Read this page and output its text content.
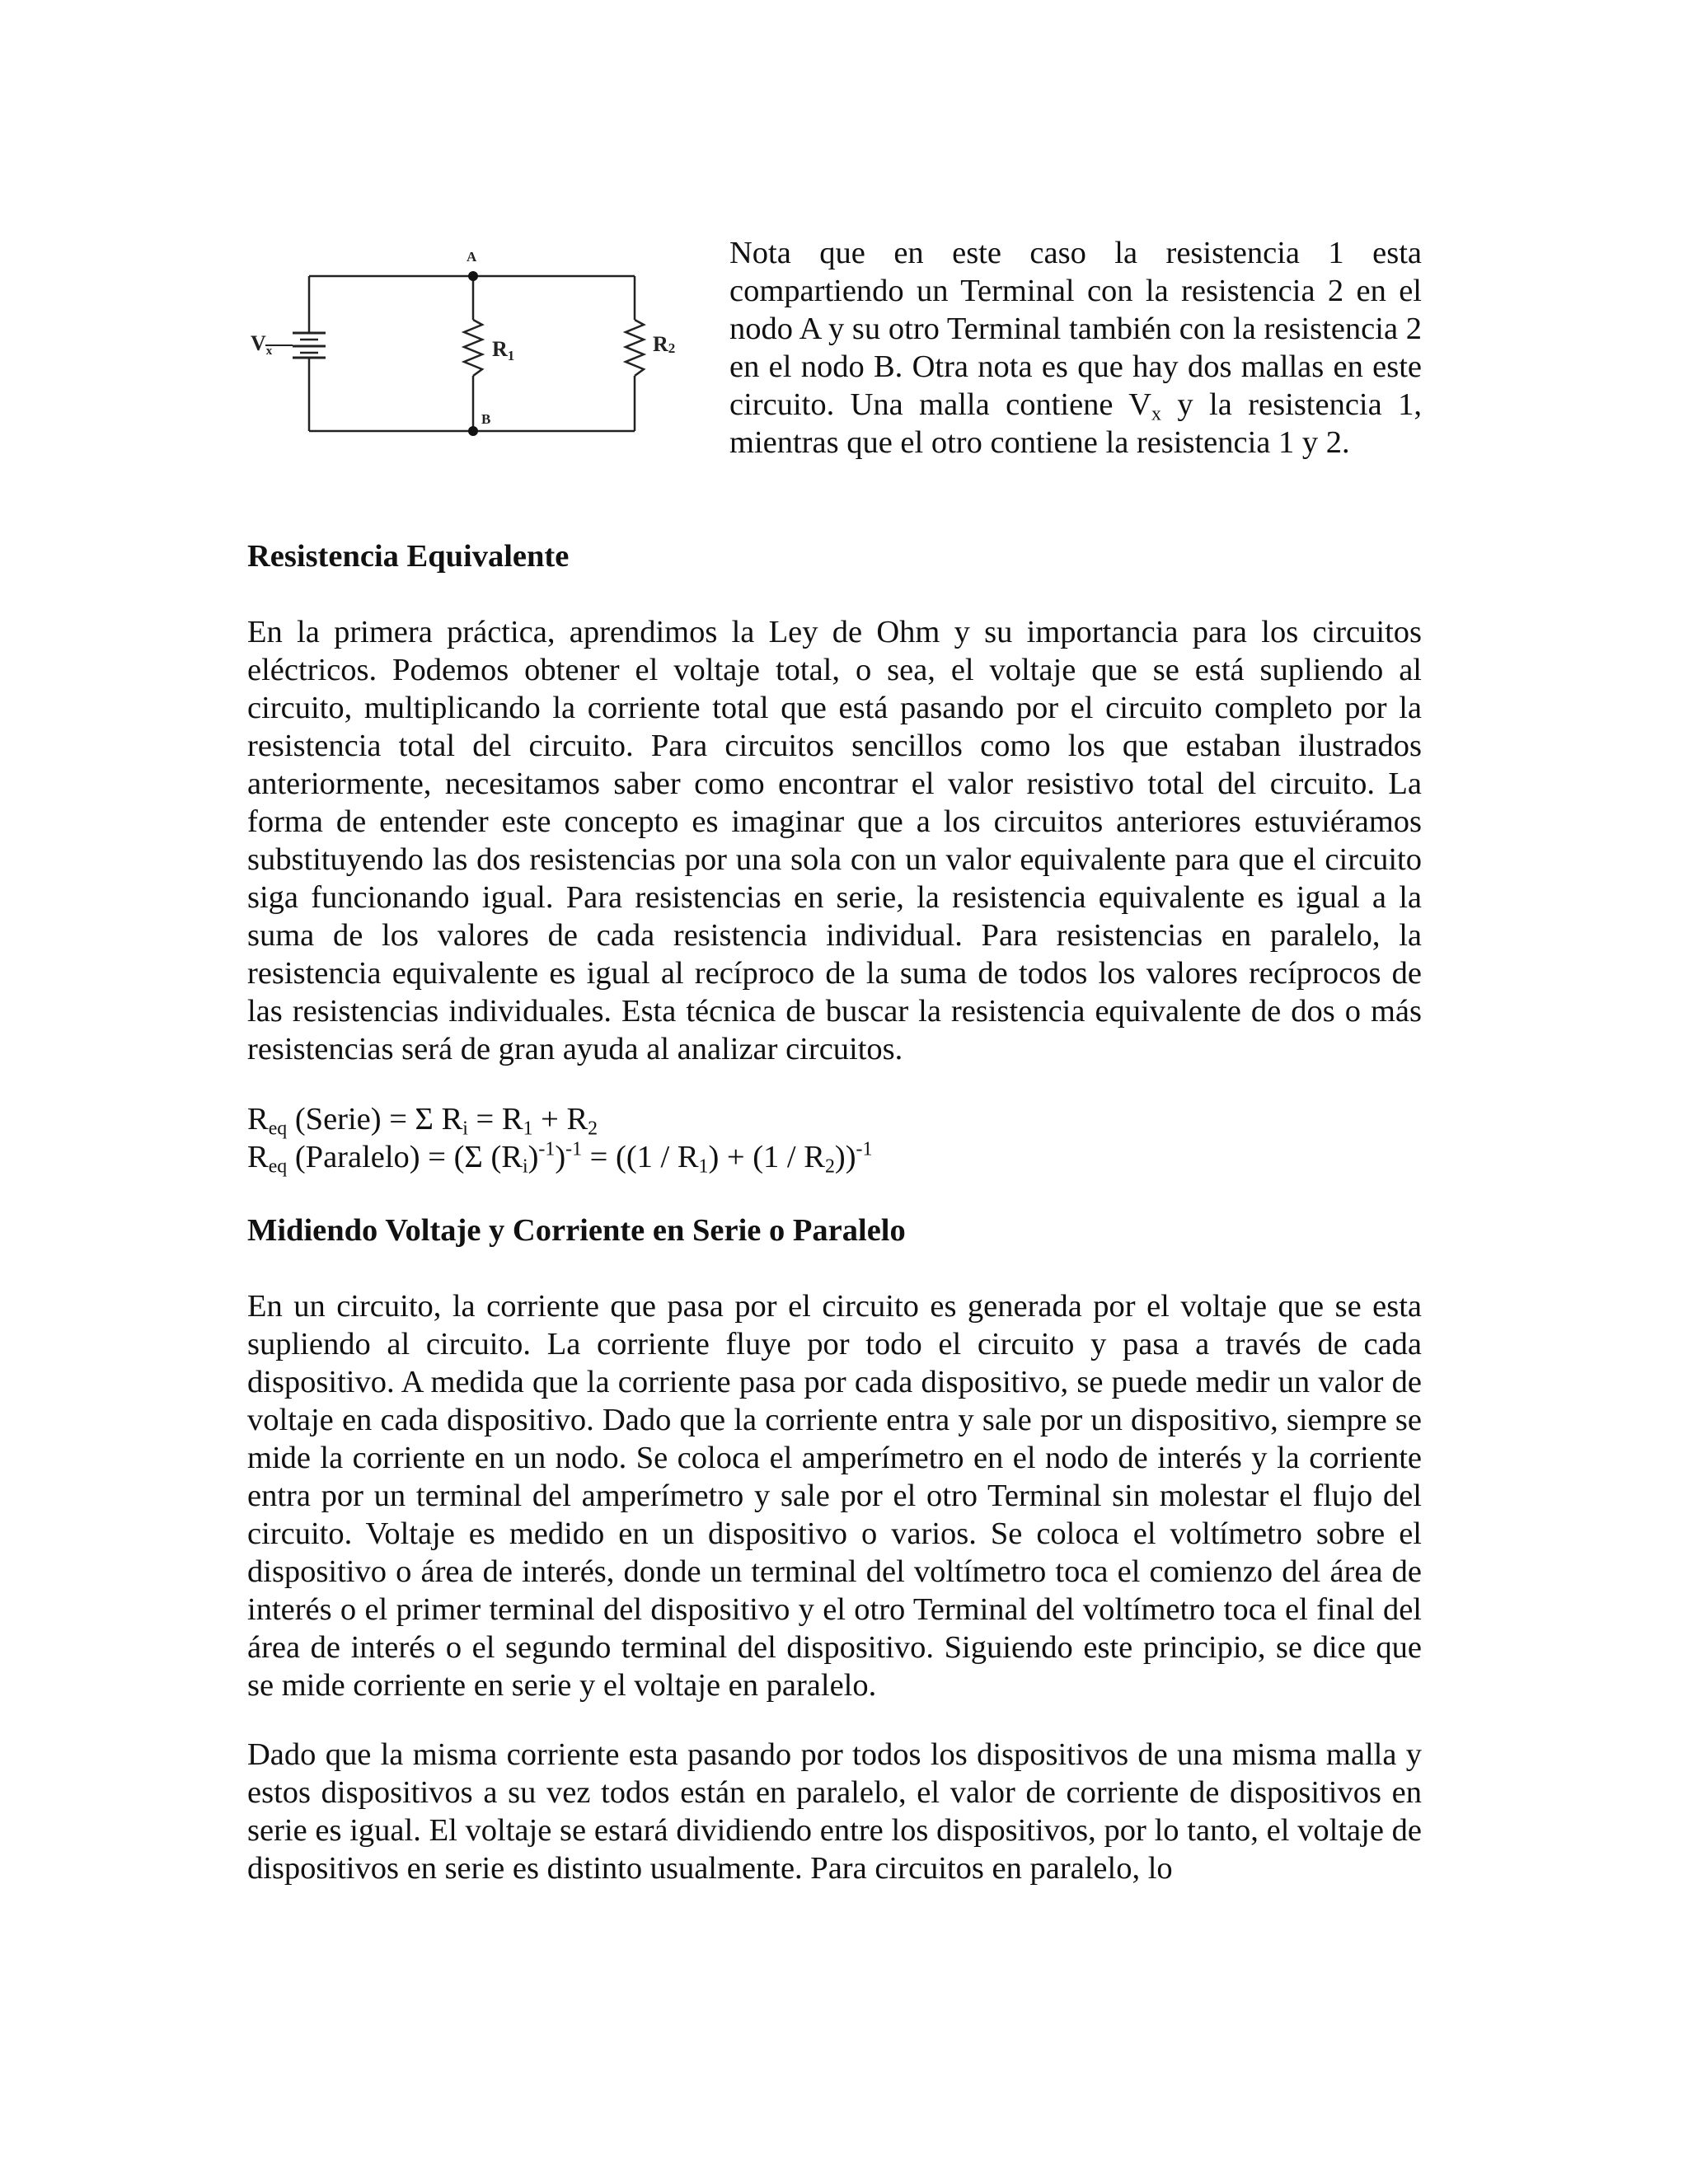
A
B
Vx	R1	R2

Nota que en este caso la resistencia 1 esta compartiendo un Terminal con la resistencia 2 en el nodo A y su otro Terminal también con la resistencia 2 en el nodo B. Otra nota es que hay dos mallas en este circuito. Una malla contiene $V_x$ y la resistencia 1, mientras que el otro contiene la resistencia 1 y 2.

Resistencia Equivalente

En la primera práctica, aprendimos la Ley de Ohm y su importancia para los circuitos eléctricos. Podemos obtener el voltaje total, o sea, el voltaje que se está supliendo al circuito, multiplicando la corriente total que está pasando por el circuito completo por la resistencia total del circuito. Para circuitos sencillos como los que estaban ilustrados anteriormente, necesitamos saber como encontrar el valor resistivo total del circuito. La forma de entender este concepto es imaginar que a los circuitos anteriores estuviéramos substituyendo las dos resistencias por una sola con un valor equivalente para que el circuito siga funcionando igual. Para resistencias en serie, la resistencia equivalente es igual a la suma de los valores de cada resistencia individual. Para resistencias en paralelo, la resistencia equivalente es igual al recíproco de la suma de todos los valores recíprocos de las resistencias individuales. Esta técnica de buscar la resistencia equivalente de dos o más resistencias será de gran ayuda al analizar circuitos.

$R_{eq}$ (Serie) = Σ $R_i = R_1 + R_2$

$R_{eq}$ (Paralelo) = (Σ $(R_i)^{-1})^{-1} = ((1 / R_1) + (1 / R_2))^{-1}$

Midiendo Voltaje y Corriente en Serie o Paralelo

En un circuito, la corriente que pasa por el circuito es generada por el voltaje que se esta supliendo al circuito. La corriente fluye por todo el circuito y pasa a través de cada dispositivo. A medida que la corriente pasa por cada dispositivo, se puede medir un valor de voltaje en cada dispositivo. Dado que la corriente entra y sale por un dispositivo, siempre se mide la corriente en un nodo. Se coloca el amperímetro en el nodo de interés y la corriente entra por un terminal del amperímetro y sale por el otro Terminal sin molestar el flujo del circuito. Voltaje es medido en un dispositivo o varios. Se coloca el voltímetro sobre el dispositivo o área de interés, donde un terminal del voltímetro toca el comienzo del área de interés o el primer terminal del dispositivo y el otro Terminal del voltímetro toca el final del área de interés o el segundo terminal del dispositivo. Siguiendo este principio, se dice que se mide corriente en serie y el voltaje en paralelo.

Dado que la misma corriente esta pasando por todos los dispositivos de una misma malla y estos dispositivos a su vez todos están en paralelo, el valor de corriente de dispositivos en serie es igual. El voltaje se estará dividiendo entre los dispositivos, por lo tanto, el voltaje de dispositivos en serie es distinto usualmente. Para circuitos en paralelo, lo
